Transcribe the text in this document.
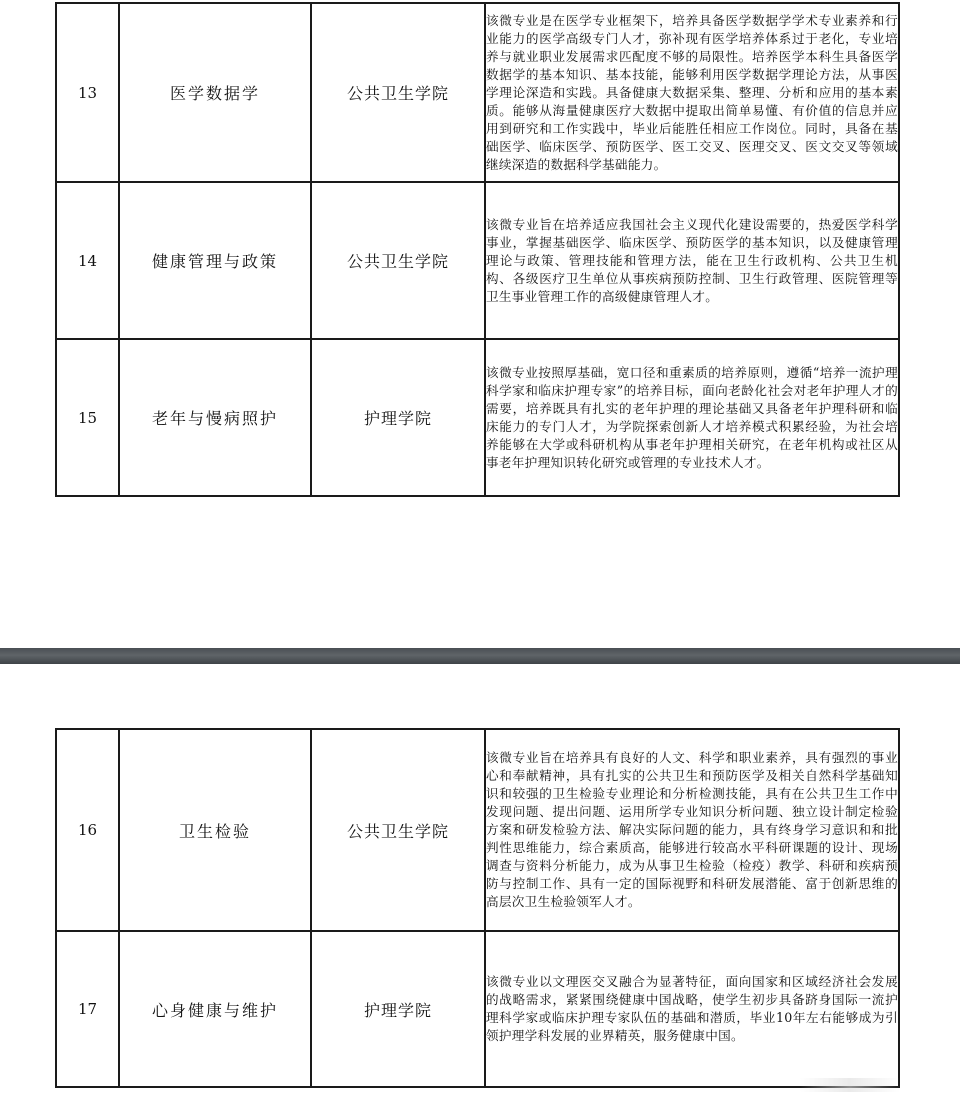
13	医学数据学	公共卫生学院	该微专业是在医学专业框架下，培养具备医学数据学学术专业素养和行业能力的医学高级专门人才，弥补现有医学培养体系过于老化，专业培养与就业职业发展需求匹配度不够的局限性。培养医学本科生具备医学数据学的基本知识、基本技能，能够利用医学数据学理论方法，从事医学理论深造和实践。具备健康大数据采集、整理、分析和应用的基本素质。能够从海量健康医疗大数据中提取出简单易懂、有价值的信息并应用到研究和工作实践中，毕业后能胜任相应工作岗位。同时，具备在基础医学、临床医学、预防医学、医工交叉、医理交叉、医文交叉等领域继续深造的数据科学基础能力。

14	健康管理与政策	公共卫生学院	该微专业旨在培养适应我国社会主义现代化建设需要的，热爱医学科学事业，掌握基础医学、临床医学、预防医学的基本知识，以及健康管理理论与政策、管理技能和管理方法，能在卫生行政机构、公共卫生机构、各级医疗卫生单位从事疾病预防控制、卫生行政管理、医院管理等卫生事业管理工作的高级健康管理人才。

15	老年与慢病照护	护理学院	该微专业按照厚基础，宽口径和重素质的培养原则，遵循“培养一流护理科学家和临床护理专家”的培养目标，面向老龄化社会对老年护理人才的需要，培养既具有扎实的老年护理的理论基础又具备老年护理科研和临床能力的专门人才，为学院探索创新人才培养模式积累经验，为社会培养能够在大学或科研机构从事老年护理相关研究，在老年机构或社区从事老年护理知识转化研究或管理的专业技术人才。
16	卫生检验	公共卫生学院	该微专业旨在培养具有良好的人文、科学和职业素养，具有强烈的事业心和奉献精神，具有扎实的公共卫生和预防医学及相关自然科学基础知识和较强的卫生检验专业理论和分析检测技能，具有在公共卫生工作中发现问题、提出问题、运用所学专业知识分析问题、独立设计制定检验方案和研发检验方法、解决实际问题的能力，具有终身学习意识和和批判性思维能力，综合素质高，能够进行较高水平科研课题的设计、现场调查与资料分析能力，成为从事卫生检验（检疫）教学、科研和疾病预防与控制工作、具有一定的国际视野和科研发展潜能、富于创新思维的高层次卫生检验领军人才。

17	心身健康与维护	护理学院	该微专业以文理医交叉融合为显著特征，面向国家和区域经济社会发展的战略需求，紧紧围绕健康中国战略，使学生初步具备跻身国际一流护理科学家或临床护理专家队伍的基础和潜质，毕业10年左右能够成为引领护理学科发展的业界精英，服务健康中国。
